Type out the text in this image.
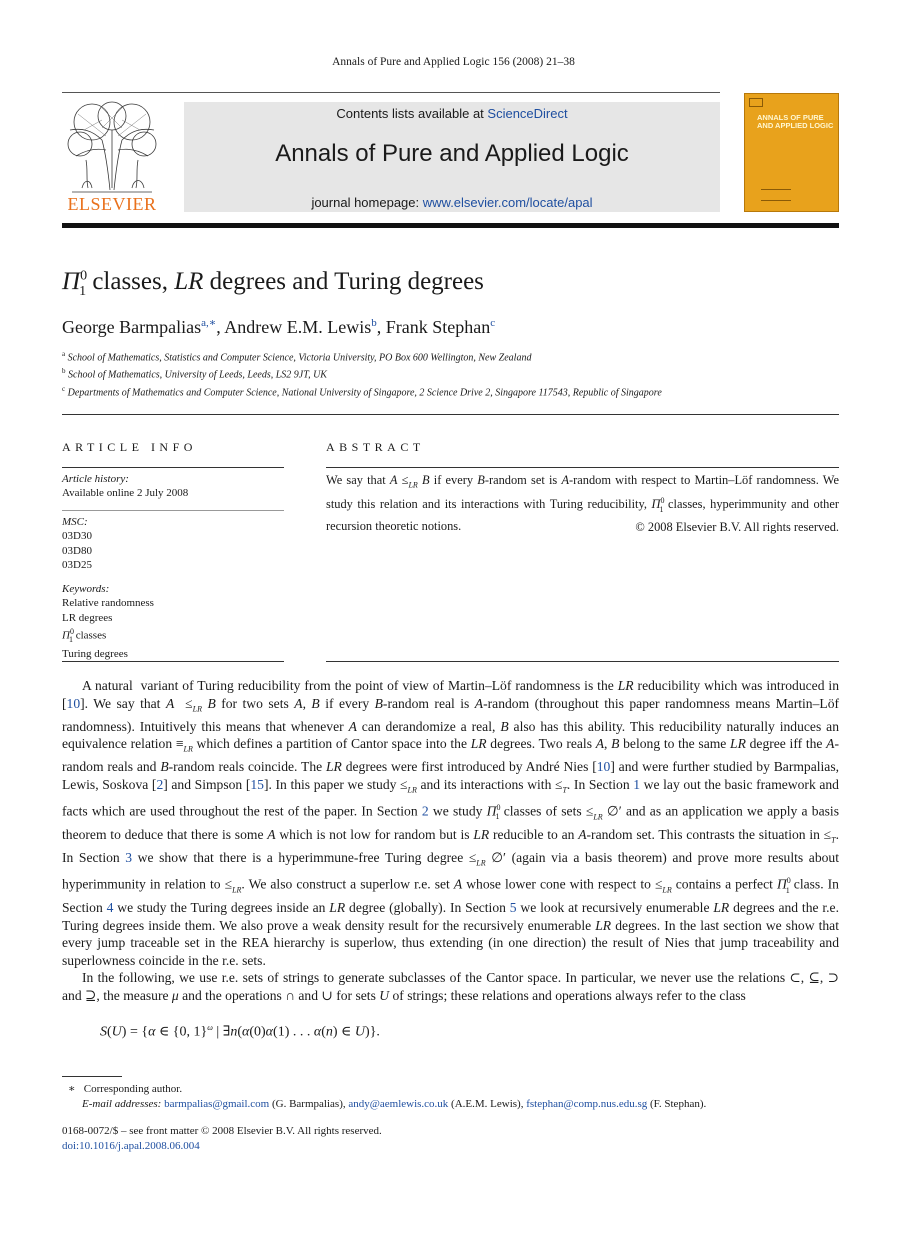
Annals of Pure and Applied Logic 156 (2008) 21–38
ELSEVIER
Contents lists available at ScienceDirect
Annals of Pure and Applied Logic
journal homepage: www.elsevier.com/locate/apal
ANNALS OF PURE AND APPLIED LOGIC
$\Pi^0_1$ classes, LR degrees and Turing degrees
George Barmpalias$^{a,∗}$, Andrew E.M. Lewis$^b$, Frank Stephan$^c$
$^a$ School of Mathematics, Statistics and Computer Science, Victoria University, PO Box 600 Wellington, New Zealand
$^b$ School of Mathematics, University of Leeds, Leeds, LS2 9JT, UK
$^c$ Departments of Mathematics and Computer Science, National University of Singapore, 2 Science Drive 2, Singapore 117543, Republic of Singapore
ARTICLE INFO	ABSTRACT
Article history:
Available online 2 July 2008
MSC:
03D30
03D80
03D25
Keywords:
Relative randomness
LR degrees
$\Pi^0_1$ classes
Turing degrees
We say that $A \le_{LR}$ B if every B-random set is A-random with respect to Martin–Löf randomness. We study this relation and its interactions with Turing reducibility, $\Pi^0_1$ classes, hyperimmunity and other recursion theoretic notions.	© 2008 Elsevier B.V. All rights reserved.

A natural  variant of Turing reducibility from the point of view of Martin–Löf randomness is the LR reducibility which was introduced in [10]. We say that $A \le_{LR}$ B for two sets A, B if every B-random real is A-random (throughout this paper randomness means Martin–Löf randomness). Intuitively this means that whenever A can derandomize a real, B also has this ability. This reducibility naturally induces an equivalence relation $\equiv_{LR}$ which defines a partition of Cantor space into the LR degrees. Two reals A, B belong to the same LR degree iff the A-random reals and B-random reals coincide. The LR degrees were first introduced by André Nies [10] and were further studied by Barmpalias, Lewis, Soskova [2] and Simpson [15]. In this paper we study $\le_{LR}$ and its interactions with $\le_T$. In Section 1 we lay out the basic framework and facts which are used throughout the rest of the paper. In Section 2 we study $\Pi^0_1$ classes of sets $\le_{LR}$ ∅′ and as an application we apply a basis theorem to deduce that there is some A which is not low for random but is LR reducible to an A-random set. This contrasts the situation in $\le_T$. In Section 3 we show that there is a hyperimmune-free Turing degree $\le_{LR}$ ∅′ (again via a basis theorem) and prove more results about hyperimmunity in relation to $\le_{LR}$. We also construct a superlow r.e. set A whose lower cone with respect to $\le_{LR}$ contains a perfect $\Pi^0_1$ class. In Section 4 we study the Turing degrees inside an LR degree (globally). In Section 5 we look at recursively enumerable LR degrees and the r.e. Turing degrees inside them. We also prove a weak density result for the recursively enumerable LR degrees. In the last section we show that every jump traceable set in the REA hierarchy is superlow, thus extending (in one direction) the result of Nies that jump traceability and superlowness coincide in the r.e. sets.

In the following, we use r.e. sets of strings to generate subclasses of the Cantor space. In particular, we never use the relations ⊂, ⊆, ⊃ and ⊇, the measure μ and the operations ∩ and ∪ for sets U of strings; these relations and operations always refer to the class

S(U) = {α ∈ {0, 1}$^\omega$ | ∃n(α(0)α(1) . . . α(n) ∈ U)}.
∗ Corresponding author.
E-mail addresses: barmpalias@gmail.com (G. Barmpalias), andy@aemlewis.co.uk (A.E.M. Lewis), fstephan@comp.nus.edu.sg (F. Stephan).
0168-0072/$ – see front matter © 2008 Elsevier B.V. All rights reserved.
doi:10.1016/j.apal.2008.06.004
